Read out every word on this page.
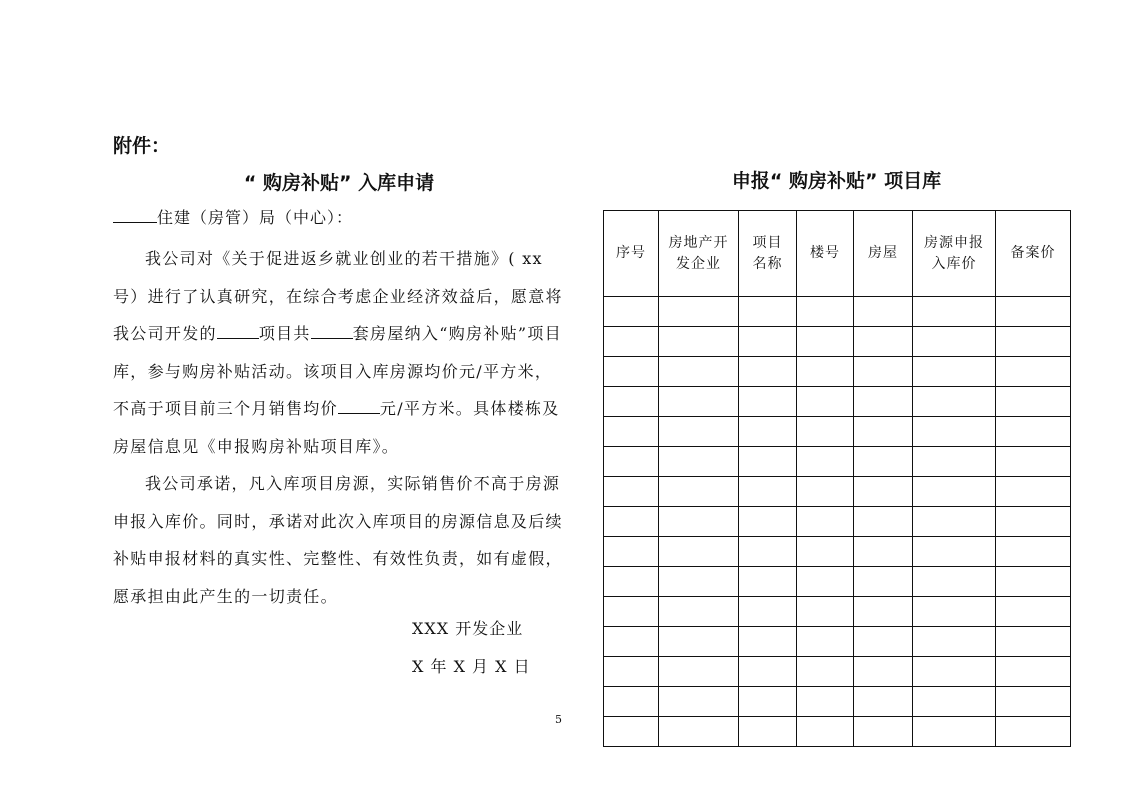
附件：
“ 购房补贴” 入库申请
住建（房管）局（中心）：

我公司对《关于促进返乡就业创业的若干措施》( xx号）进行了认真研究，在综合考虑企业经济效益后，愿意将我公司开发的	项目共	套房屋纳入“购房补贴”项目库，参与购房补贴活动。该项目入库房源均价元/平方米，不高于项目前三个月销售均价	元/平方米。具体楼栋及房屋信息见《申报购房补贴项目库》。

我公司承诺，凡入库项目房源，实际销售价不高于房源申报入库价。同时，承诺对此次入库项目的房源信息及后续补贴申报材料的真实性、完整性、有效性负责，如有虚假，愿承担由此产生的一切责任。

XXX 开发企业
X 年 X 月 X 日
5
申报“ 购房补贴” 项目库
序号	房地产开发企业	项目名称	楼号	房屋	房源申报入库价	备案价
